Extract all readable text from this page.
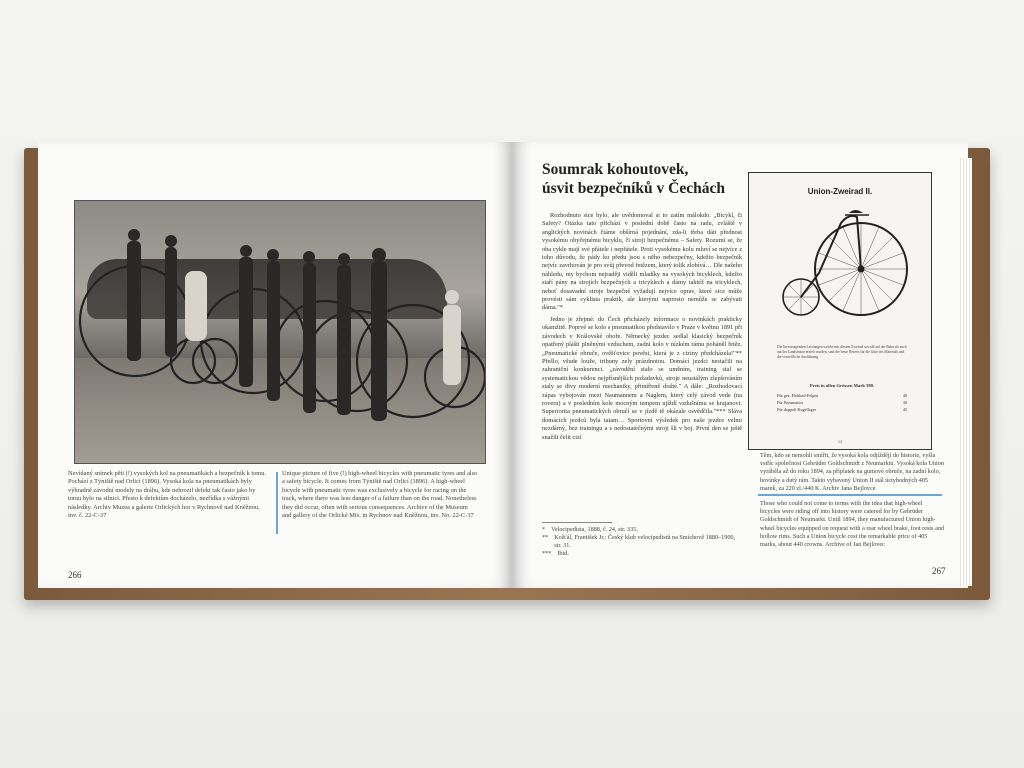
Nevídaný snímek pěti (!) vysokých kol na pneumatikách a bezpečník k tomu. Pochází z Týniště nad Orlicí (1896). Vysoká kola na pneumatikách byly výhradně závodní modely na dráhu, kde nehrozil defekt tak často jako by tomu bylo na silnici. Přesto k defektům docházelo, nezřídka s vážnými následky. Archiv Muzea a galerie Orlických hor v Rychnově nad Kněžnou, inv. č. 22-C-37
Unique picture of five (!) high-wheel bicycles with pneumatic tyres and also a safety bicycle. It comes from Týniště nad Orlicí (1896). A high-wheel bicycle with pneumatic tyres was exclusively a bicycle for racing on the track, where there was less danger of a failure than on the road. Nonetheless they did occur, often with serious consequences. Archive of the Museum and gallery of the Orlické Mts. in Rychnov nad Kněžnou, inv. No. 22-C-37
266
Soumrak kohoutovek,
úsvit bezpečníků v Čechách

Rozhodnuto sice bylo, ale uvědomoval si to zatím málokdo. „Bicykl, či Safety? Otázka tato přichází v poslední době často na radu, zvláště v anglických novinách čtáme obšírná pojednání, zda-li třeba dáti přednost vysokému obyčejnému bicyklu, či stroji bezpečnému – Safety. Rozumí se, že oba cykle mají své přátele i nepřátele. Proti vysokému kolu mluví se nejvíce z toho důvodu, že pády ku předu jsou s něho nebezpečny, kdežto bezpečník nejvíc zavrhován je pro svůj převod řetězem, který tolik zlobívá… Dle našeho náhledu, my bychom nejraději viděli mladíky na vysokých bicyklech, kdežto staří pány na strojích bezpečných a tricyklech a dámy taktéž na tricyklech, neboť dosavadní stroje bezpečné vyžadují nejvíce oprav, které sice může provésti sám cyklista praktik, ale kterými naprosto nemůže se zabývati dáma."*

Jedno je zřejmé: do Čech přicházely informace o novinkách prakticky okamžitě. Poprvé se kolo s pneumatikou představilo v Praze v květnu 1891 při závodech v Královské oboře. Německý jezdec sedlal klasický bezpečník opatřený plášti plněnými vzduchem, zadní kolo v nízkém rámu poháněl řetěz. „Pneumatické obruče, ověšťovice pověst, která je z ciziny předcházela!"** Přešlo, všude louže, tribuny zely prázdnotou. Domácí jezdci nestačili na zahraniční konkurenci. „závodění stalo se uměním, training stal se systematickou vědou nejpřísnějších požadavků, stroje neustálým zlepšováním staly se divy moderní mechaniky, přiměřeně drahé." A dále: „Rozhodovací zápas vybojován mezi Naumannem a Naglem, který celý závod vede (na roveru) a v posledním kole mocným tempem ujíždí vzdušnímu se krajanovi. Superiorita pneumatických obručí se v jízdě tě okázale osvědčila."*** Sláva domácích jezdců byla tatam… Sportovní výsledek pro naše jezdce velmi nezdárný, bez trainingu a s nedostatečnými stroji šli v boj. První den se ještě snažili čelit cizí

* Velocipedista, 1888, č. 24, str. 335.
** Košťál, František Jr.: Český klub velocipedistů na Smíchově 1880–1900, str. 31.
*** Ibid.
Union-Zweirad II.
Die hervorragenden Leistungen welche mit diesem Zweirad sowohl auf der Bahn als auch auf der Landstrasse erzielt wurden, sind der beste Beweis für die Güte des Materials und die vortreffliche Ausführung.
Preis in allen Grössen Mark 380.
Für gez. Hohlrad-Felgen	40
Für Pneumatics	30
Für doppelt Kugellager	45
14
Těm, kdo se nemohli smířit, že vysoká kola odjíždějí do historie, vyšla vstříc společnost Gebrüder Goldschmidt z Neumarktu. Vysoká kola Union vyráběla až do roku 1894, za příplatek na gumové obruče, na zadní kolo, hovínky a dutý rám. Takto vybavený Union II stál úctyhodných 405 marek, za 220 zl./440 K. Archiv Jana Bejlovce
Those who could not come to terms with the idea that high-wheel bicycles were riding off into history were catered for by Gebrüder Goldschmidt of Neumarkt. Until 1894, they manufactured Union high-wheel bicycles equipped on request with a rear wheel brake, foot rests and hollow rims. Such a Union bicycle cost the remarkable price of 405 marks, about 440 crowns. Archive of Jan Bejlovec
267
